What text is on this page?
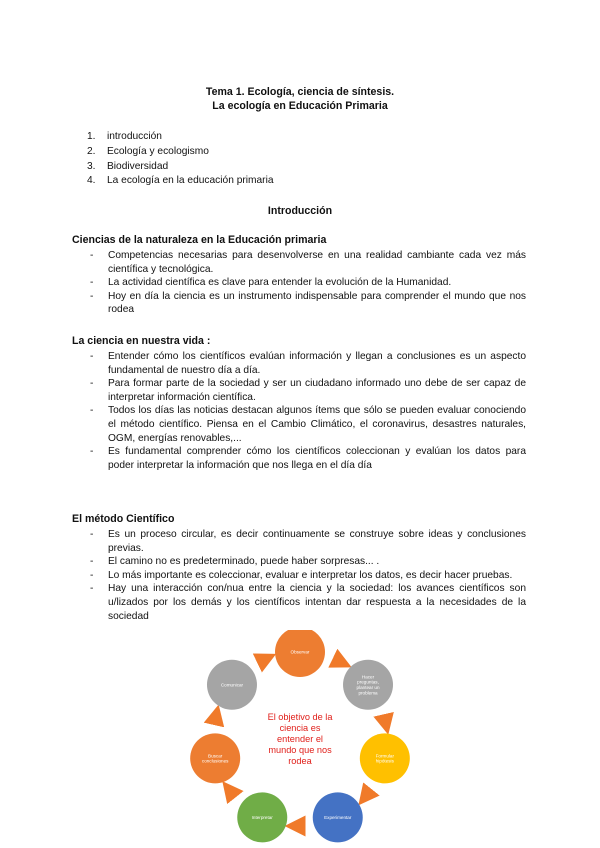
Tema 1. Ecología, ciencia de síntesis.
La ecología en Educación Primaria
1. introducción
2. Ecología y ecologismo
3. Biodiversidad
4. La ecología en la educación primaria
Introducción
Ciencias de la naturaleza en la Educación primaria
- Competencias necesarias para desenvolverse en una realidad cambiante cada vez más científica y tecnológica.
- La actividad científica es clave para entender la evolución de la Humanidad.
- Hoy en día la ciencia es un instrumento indispensable para comprender el mundo que nos rodea
La ciencia en nuestra vida :
- Entender cómo los científicos evalúan información y llegan a conclusiones es un aspecto fundamental de nuestro día a día.
- Para formar parte de la sociedad y ser un ciudadano informado uno debe de ser capaz de interpretar información científica.
- Todos los días las noticias destacan algunos ítems que sólo se pueden evaluar conociendo el método científico. Piensa en el Cambio Climático, el coronavirus, desastres naturales, OGM, energías renovables,...
- Es fundamental comprender cómo los científicos coleccionan y evalúan los datos para poder interpretar la información que nos llega en el día día
El método Científico
- Es un proceso circular, es decir continuamente se construye sobre ideas y conclusiones previas.
- El camino no es predeterminado, puede haber sorpresas... .
- Lo más importante es coleccionar, evaluar e interpretar los datos, es decir hacer pruebas.
- Hay una interacción con/nua entre la ciencia y la sociedad: los avances científicos son u/lizados por los demás y los científicos intentan dar respuesta a la necesidades de la sociedad
Observar
Hacer preguntas, plantear un problema
Formular hipótesis
Experimentar
Interpretar
Buscar conclusiones
Comunicar
El objetivo de la ciencia es entender el mundo que nos rodea
